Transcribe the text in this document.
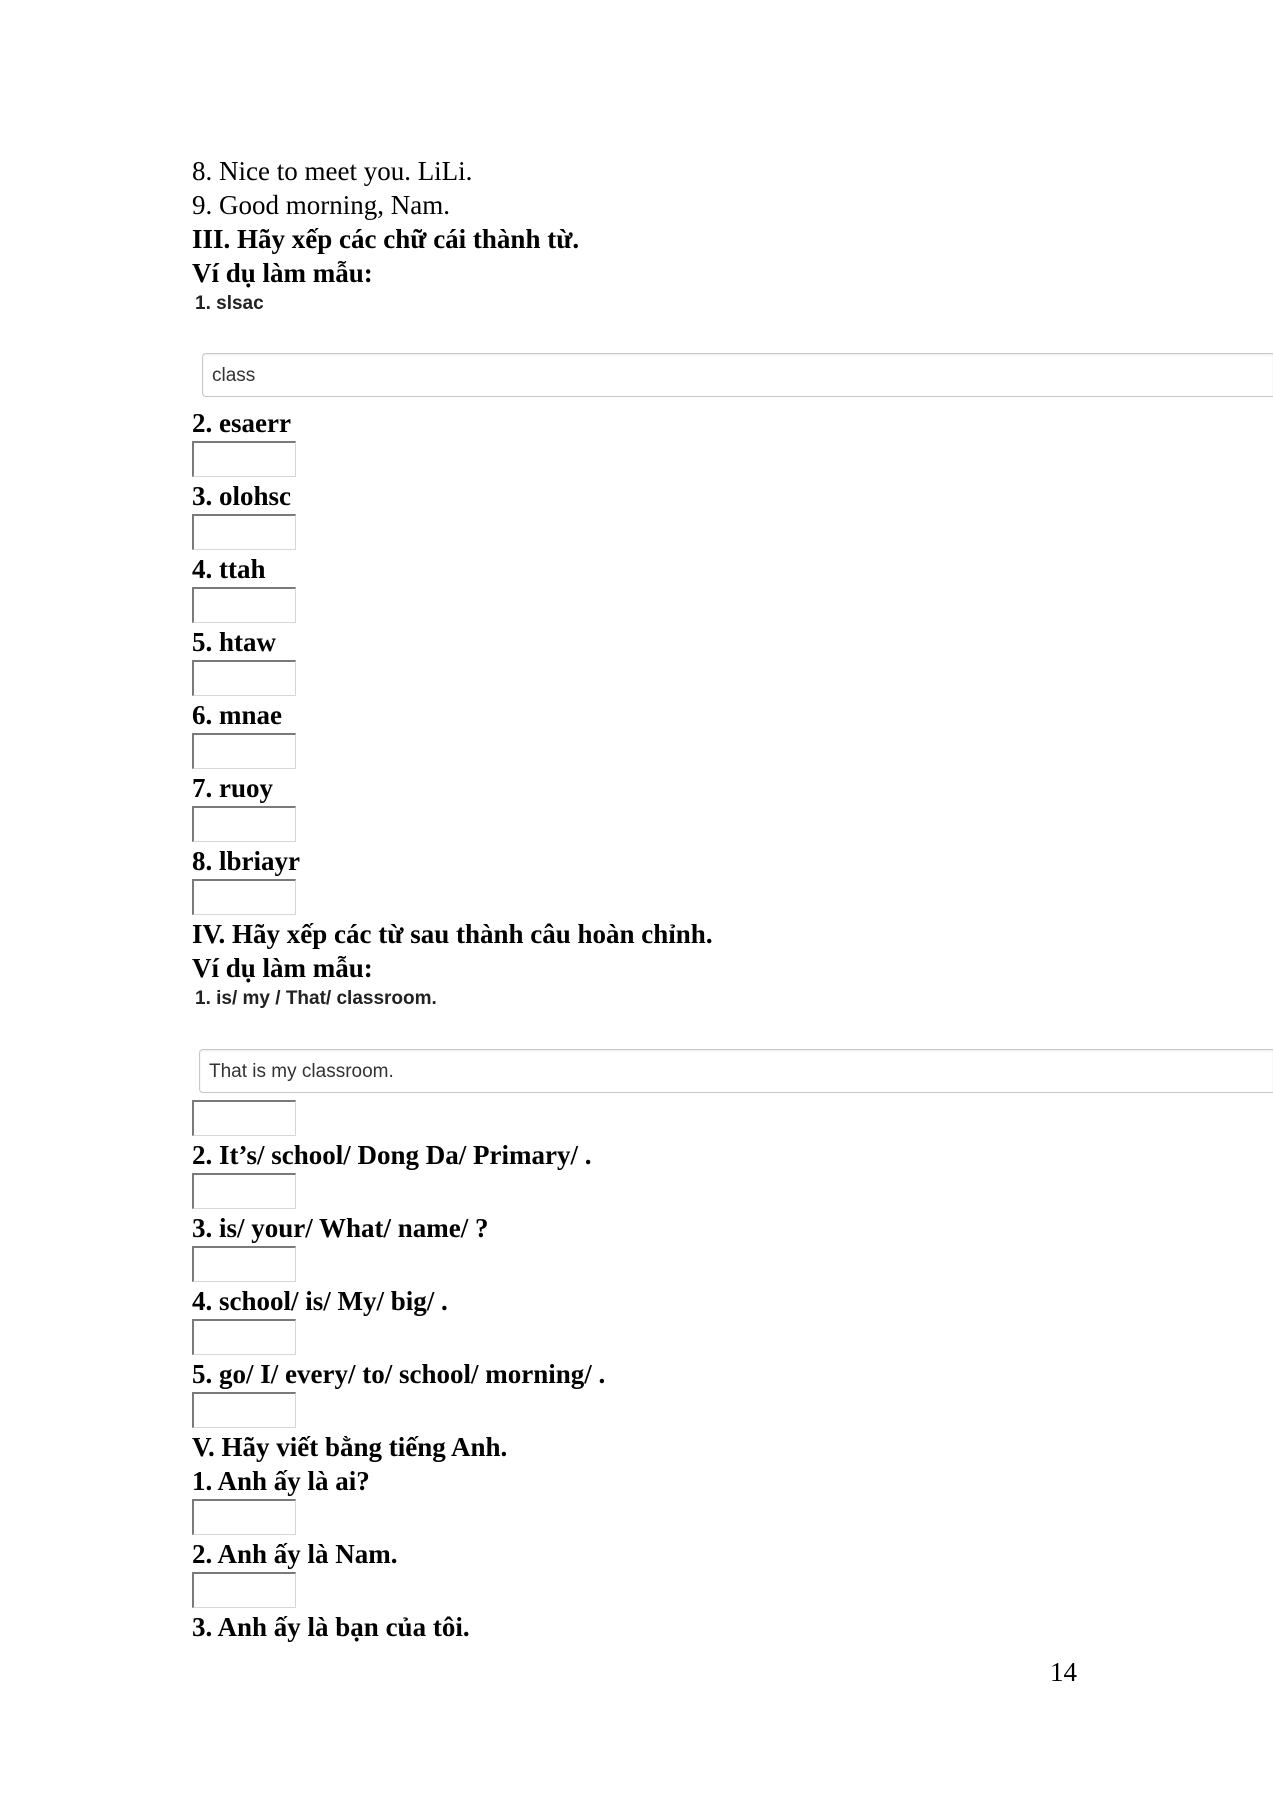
8. Nice to meet you. LiLi.
9. Good morning, Nam.
III. Hãy xếp các chữ cái thành từ.
Ví dụ làm mẫu:
1. slsac
class
2. esaerr
3. olohsc
4. ttah
5. htaw
6. mnae
7. ruoy
8. lbriayr
IV. Hãy xếp các từ sau thành câu hoàn chỉnh.
Ví dụ làm mẫu:
1. is/ my / That/ classroom.
That is my classroom.
2. It’s/ school/ Dong Da/ Primary/ .
3. is/ your/ What/ name/ ?
4. school/ is/ My/ big/ .
5. go/ I/ every/ to/ school/ morning/ .
V. Hãy viết bằng tiếng Anh.
1. Anh ấy là ai?
2. Anh ấy là Nam.
3. Anh ấy là bạn của tôi.
14
